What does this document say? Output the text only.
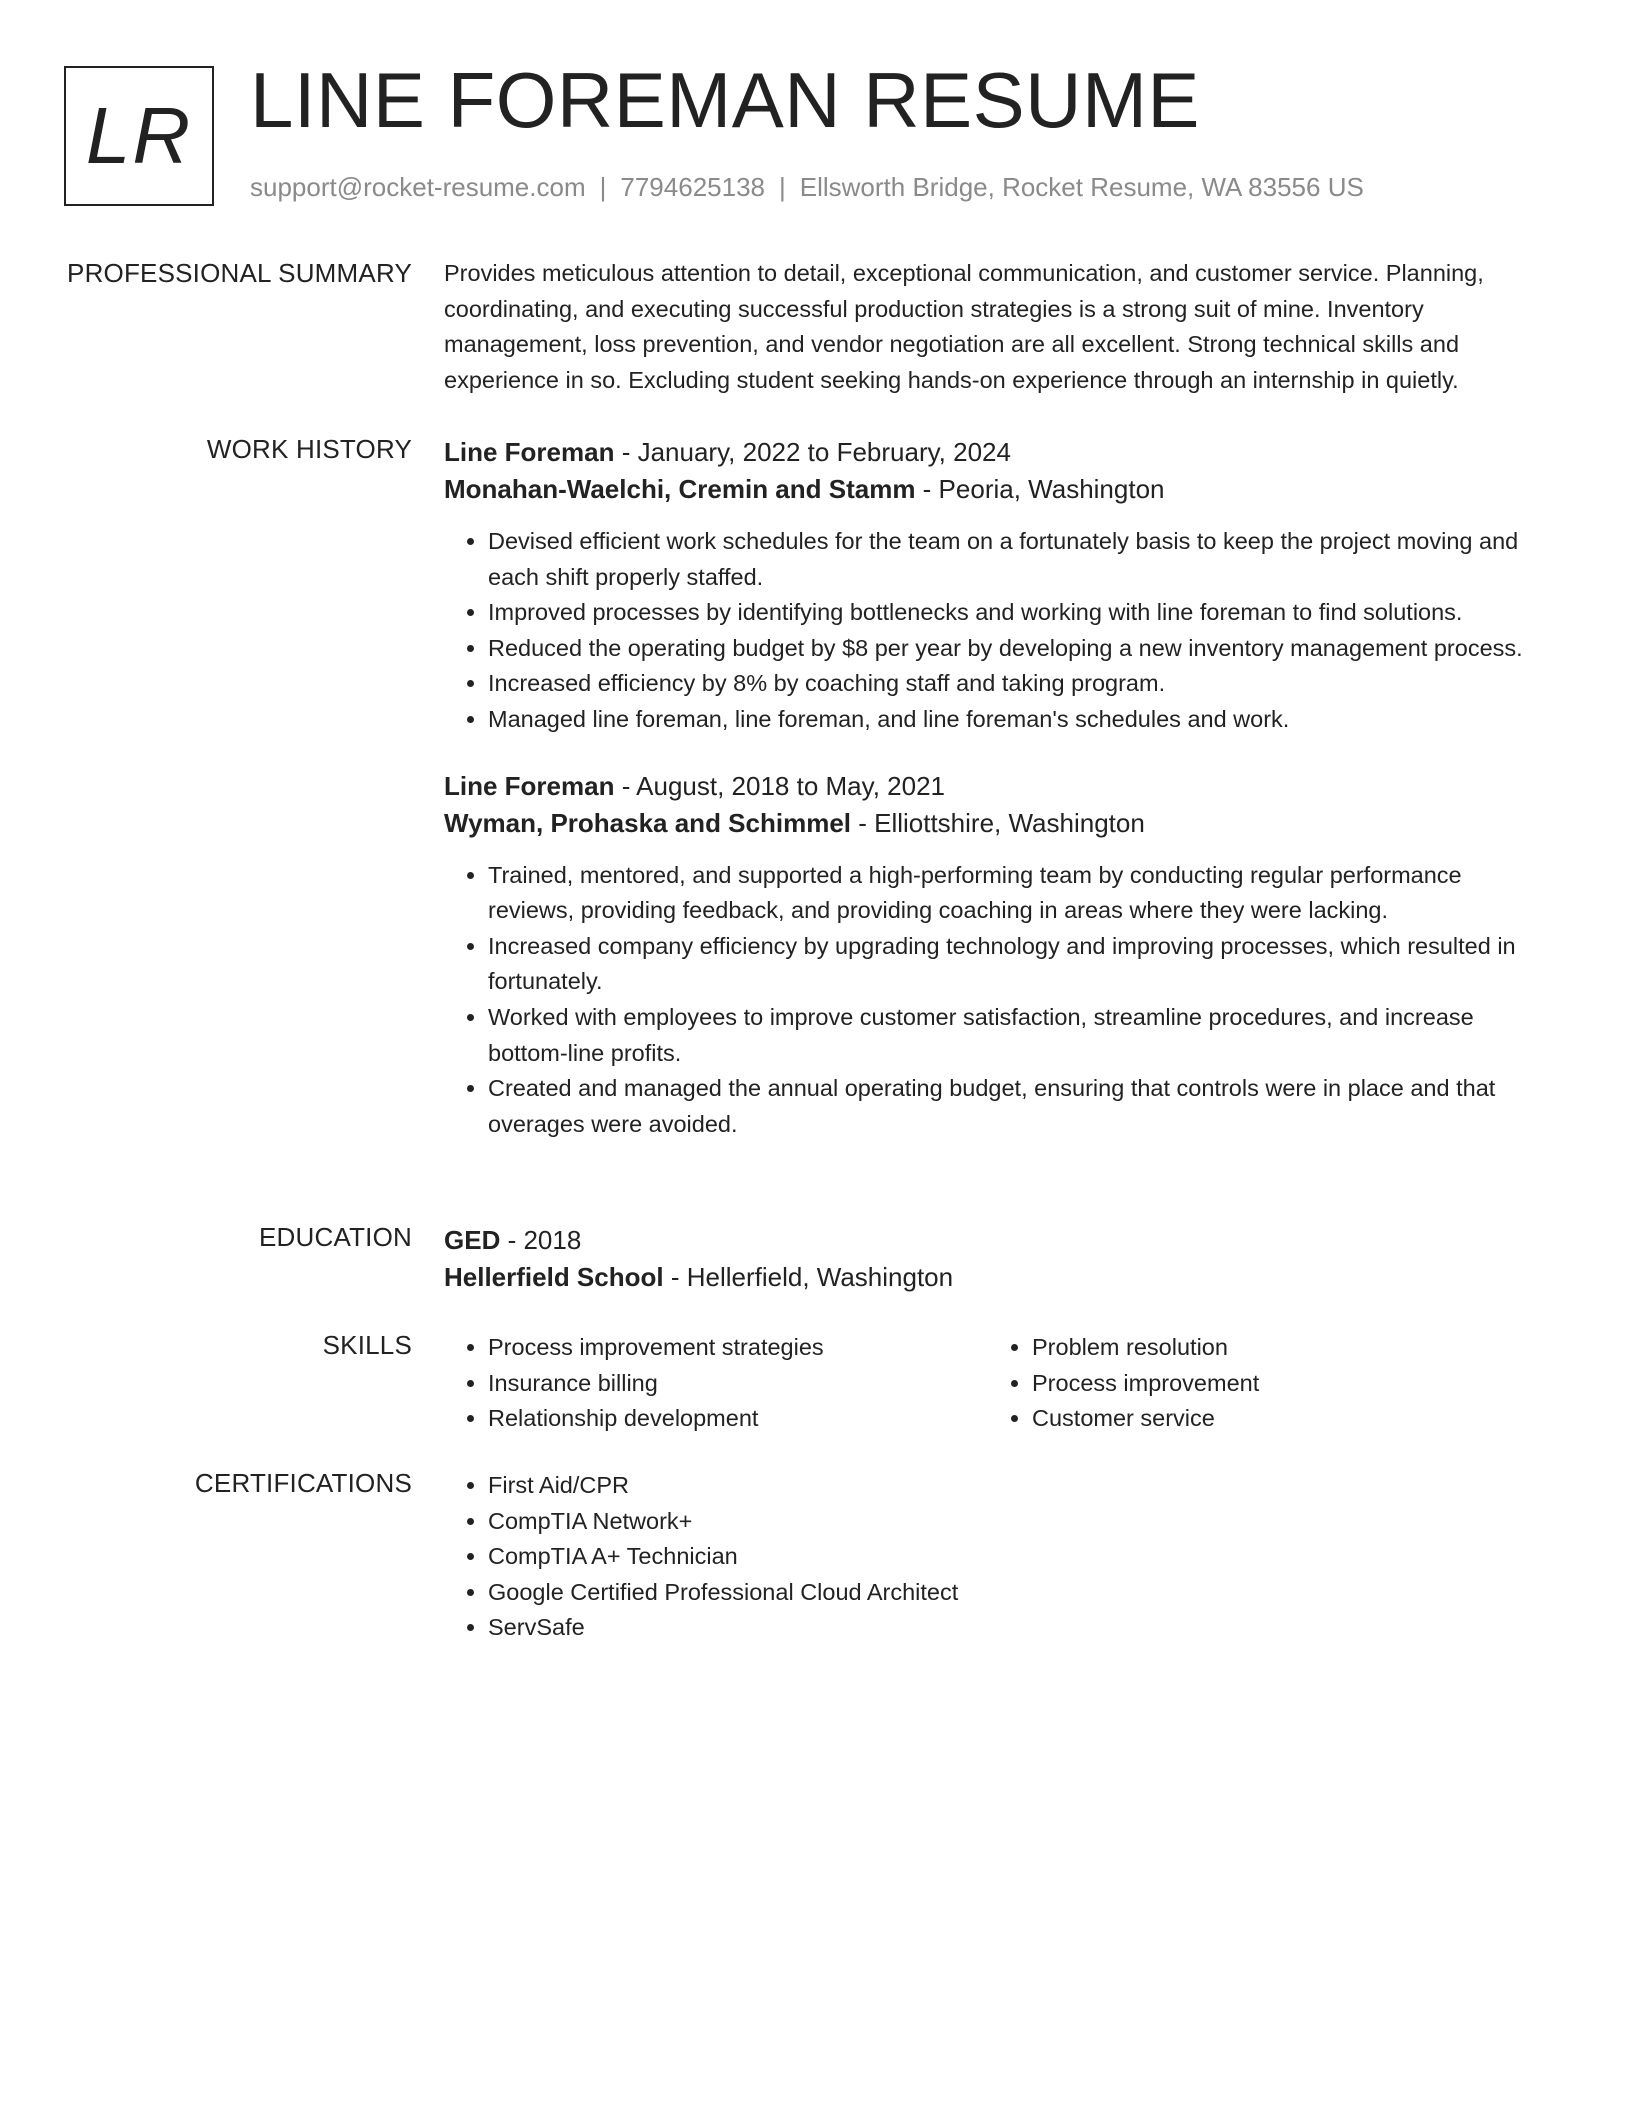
LR LINE FOREMAN RESUME
support@rocket-resume.com | 7794625138 | Ellsworth Bridge, Rocket Resume, WA 83556 US
PROFESSIONAL SUMMARY Provides meticulous attention to detail, exceptional communication, and customer service. Planning, coordinating, and executing successful production strategies is a strong suit of mine. Inventory management, loss prevention, and vendor negotiation are all excellent. Strong technical skills and experience in so. Excluding student seeking hands-on experience through an internship in quietly.

WORK HISTORY Line Foreman - January, 2022 to February, 2024

Monahan-Waelchi, Cremin and Stamm - Peoria, Washington

• Devised efficient work schedules for the team on a fortunately basis to keep the project moving and each shift properly staffed.
• Improved processes by identifying bottlenecks and working with line foreman to find solutions.
• Reduced the operating budget by $8 per year by developing a new inventory management process.
• Increased efficiency by 8% by coaching staff and taking program.
• Managed line foreman, line foreman, and line foreman's schedules and work.

Line Foreman - August, 2018 to May, 2021

Wyman, Prohaska and Schimmel - Elliottshire, Washington

• Trained, mentored, and supported a high-performing team by conducting regular performance reviews, providing feedback, and providing coaching in areas where they were lacking.
• Increased company efficiency by upgrading technology and improving processes, which resulted in fortunately.
• Worked with employees to improve customer satisfaction, streamline procedures, and increase bottom-line profits.
• Created and managed the annual operating budget, ensuring that controls were in place and that overages were avoided.
EDUCATION GED - 2018

Hellerfield School - Hellerfield, Washington

SKILLS	• Process improvement strategies
• Insurance billing
• Relationship development
• Problem resolution
• Process improvement
• Customer service
CERTIFICATIONS	• First Aid/CPR
• CompTIA Network+
• CompTIA A+ Technician
• Google Certified Professional Cloud Architect
• ServSafe
